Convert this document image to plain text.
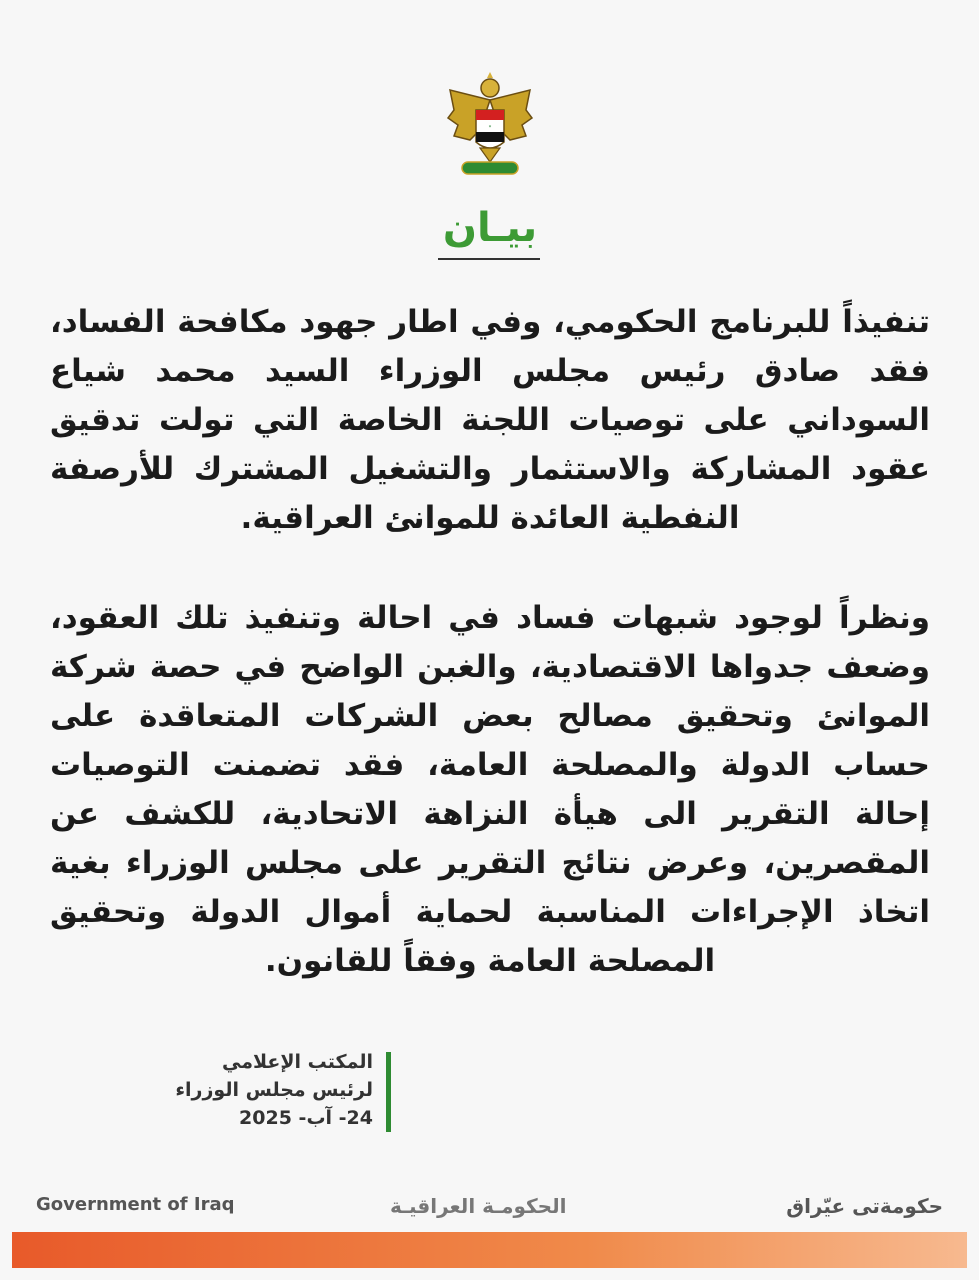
*
بيـان

تنفيذاً للبرنامج الحكومي، وفي اطار جهود مكافحة الفساد، فقد صادق رئيس مجلس الوزراء السيد محمد شياع السوداني على توصيات اللجنة الخاصة التي تولت تدقيق عقود المشاركة والاستثمار والتشغيل المشترك للأرصفة النفطية العائدة للموانئ العراقية.

ونظراً لوجود شبهات فساد في احالة وتنفيذ تلك العقود، وضعف جدواها الاقتصادية، والغبن الواضح في حصة شركة الموانئ وتحقيق مصالح بعض الشركات المتعاقدة على حساب الدولة والمصلحة العامة، فقد تضمنت التوصيات إحالة التقرير الى هيأة النزاهة الاتحادية، للكشف عن المقصرين، وعرض نتائج التقرير على مجلس الوزراء بغية اتخاذ الإجراءات المناسبة لحماية أموال الدولة وتحقيق المصلحة العامة وفقاً للقانون.

المكتب الإعلامي
لرئيس مجلس الوزراء
24- آب- 2025
Government of Iraq	الحكومـة العراقيـة	حكومةتى عيّراق
